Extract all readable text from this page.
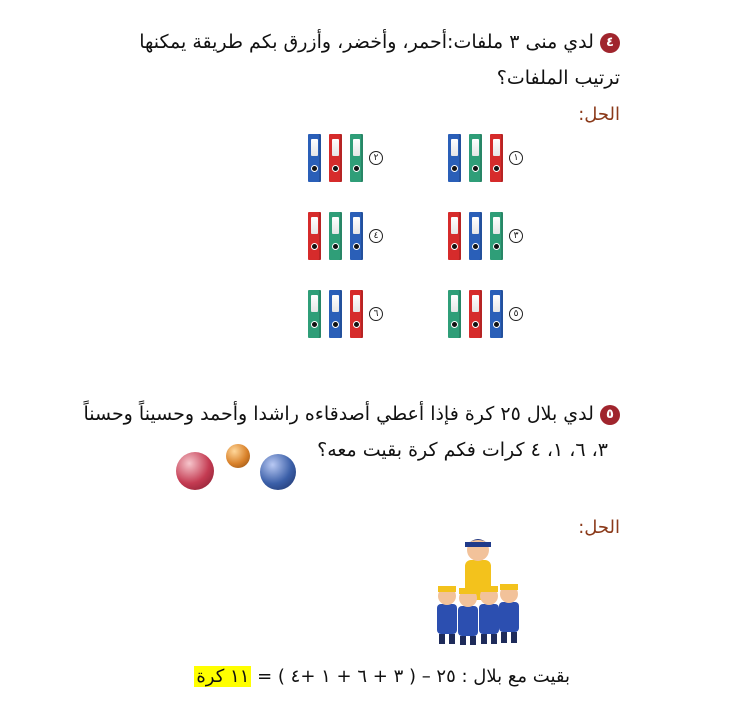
٤ لدي منى ٣ ملفات:أحمر، وأخضر، وأزرق بكم طريقة يمكنها
ترتيب الملفات؟
الحل:
١
٢
٣
٤
٥
٦
٥ لدي بلال ٢٥ كرة فإذا أعطي أصدقاءه راشدا وأحمد وحسيناً وحسناً
٣، ٦، ١، ٤ كرات فكم كرة بقيت معه؟
الحل:
بقيت مع بلال : ٢٥ – ( ٣ + ٦ + ١ +٤ ) = ١١ كرة
